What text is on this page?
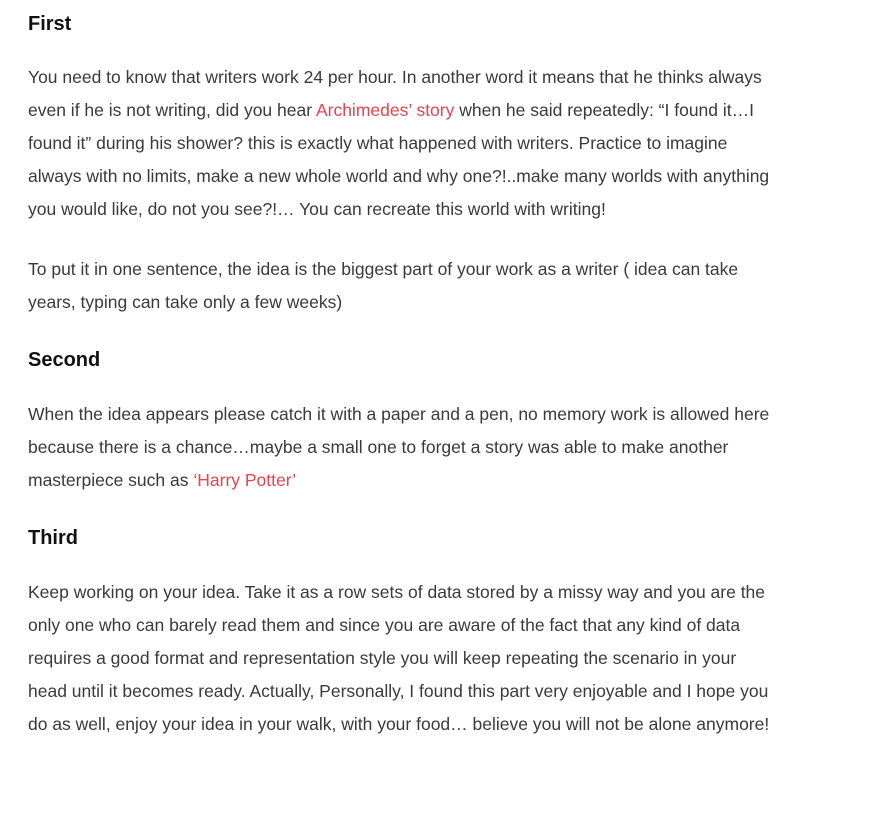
First

You need to know that writers work 24 per hour. In another word it means that he thinks always even if he is not writing, did you hear Archimedes’ story when he said repeatedly: “I found it…I found it” during his shower? this is exactly what happened with writers. Practice to imagine always with no limits, make a new whole world and why one?!..make many worlds with anything you would like, do not you see?!… You can recreate this world with writing!

To put it in one sentence, the idea is the biggest part of your work as a writer ( idea can take years, typing can take only a few weeks)

Second

When the idea appears please catch it with a paper and a pen, no memory work is allowed here because there is a chance…maybe a small one to forget a story was able to make another masterpiece such as ‘Harry Potter’

Third

Keep working on your idea. Take it as a row sets of data stored by a missy way and you are the only one who can barely read them and since you are aware of the fact that any kind of data requires a good format and representation style you will keep repeating the scenario in your head until it becomes ready. Actually, Personally, I found this part very enjoyable and I hope you do as well, enjoy your idea in your walk, with your food… believe you will not be alone anymore!
